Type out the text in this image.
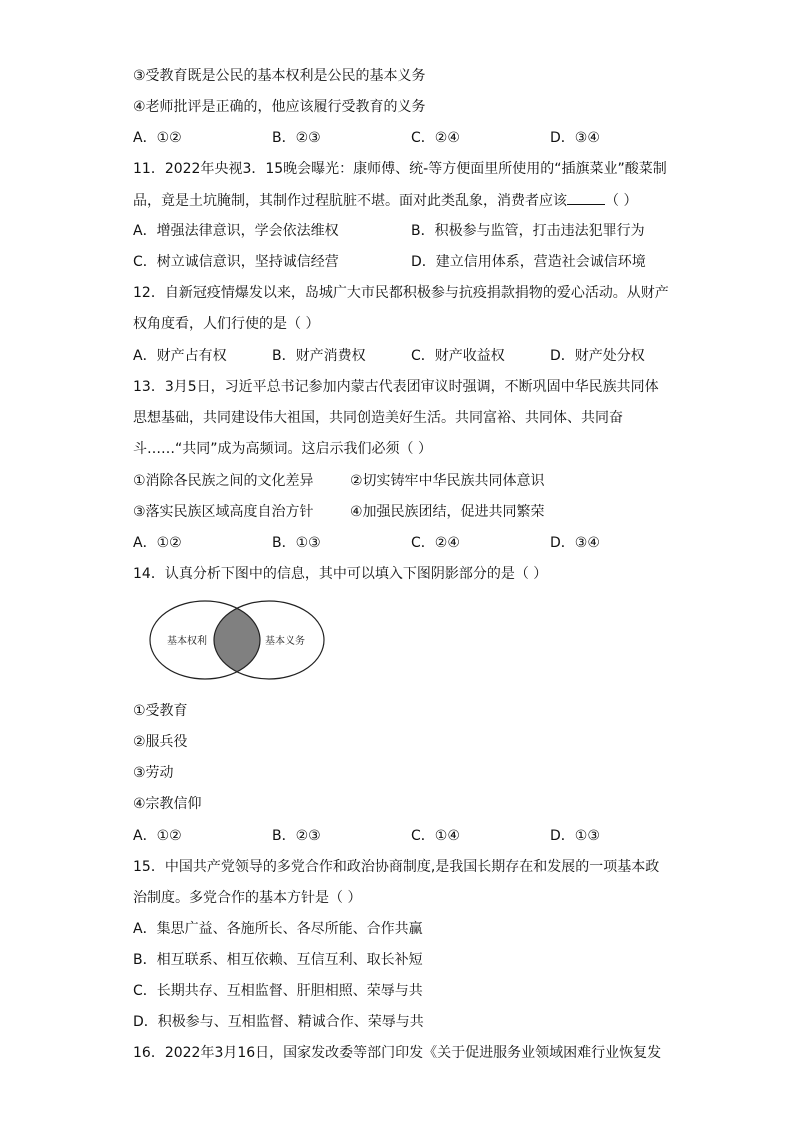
③受教育既是公民的基本权利是公民的基本义务
④老师批评是正确的，他应该履行受教育的义务
A．①②	B．②③	C．②④	D．③④
11．2022年央视3．15晚会曝光：康师傅、统-等方便面里所使用的“插旗菜业”酸菜制
品，竟是土坑腌制，其制作过程肮脏不堪。面对此类乱象，消费者应该	（ ）
A．增强法律意识，学会依法维权	B．积极参与监管，打击违法犯罪行为
C．树立诚信意识，坚持诚信经营	D．建立信用体系，营造社会诚信环境
12．自新冠疫情爆发以来，岛城广大市民都积极参与抗疫捐款捐物的爱心活动。从财产
权角度看，人们行使的是（ ）
A．财产占有权	B．财产消费权	C．财产收益权	D．财产处分权
13．3月5日，习近平总书记参加内蒙古代表团审议时强调，不断巩固中华民族共同体
思想基础，共同建设伟大祖国，共同创造美好生活。共同富裕、共同体、共同奋
斗……“共同”成为高频词。这启示我们必须（ ）
①消除各民族之间的文化差异	②切实铸牢中华民族共同体意识
③落实民族区域高度自治方针	④加强民族团结，促进共同繁荣
A．①②	B．①③	C．②④	D．③④
14．认真分析下图中的信息，其中可以填入下图阴影部分的是（ ）
基本权利	基本义务
①受教育
②服兵役
③劳动
④宗教信仰
A．①②	B．②③	C．①④	D．①③
15．中国共产党领导的多党合作和政治协商制度,是我国长期存在和发展的一项基本政
治制度。多党合作的基本方针是（ ）
A．集思广益、各施所长、各尽所能、合作共赢
B．相互联系、相互依赖、互信互利、取长补短
C．长期共存、互相监督、肝胆相照、荣辱与共
D．积极参与、互相监督、精诚合作、荣辱与共
16．2022年3月16日，国家发改委等部门印发《关于促进服务业领域困难行业恢复发
